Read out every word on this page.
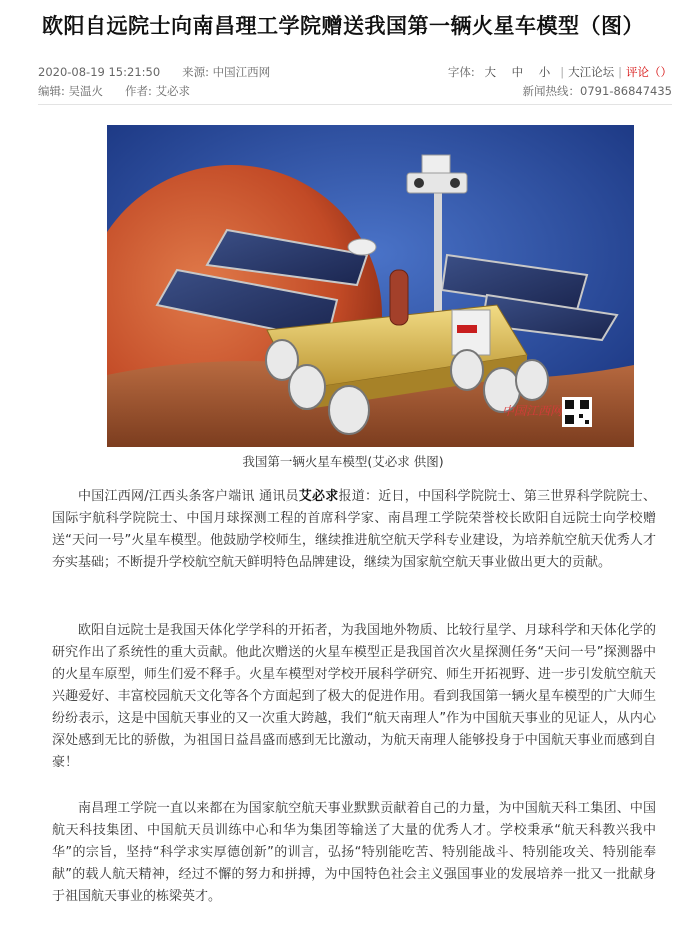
欧阳自远院士向南昌理工学院赠送我国第一辆火星车模型（图）
2020-08-19 15:21:50 来源: 中国江西网	字体: 大 中 小 | 大江论坛 | 评论（）
编辑: 吴温火 作者: 艾必求	新闻热线：0791-86847435
中国江西网
我国第一辆火星车模型(艾必求 供图)

中国江西网/江西头条客户端讯 通讯员艾必求报道：近日，中国科学院院士、第三世界科学院院士、国际宇航科学院院士、中国月球探测工程的首席科学家、南昌理工学院荣誉校长欧阳自远院士向学校赠送“天问一号”火星车模型。他鼓励学校师生，继续推进航空航天学科专业建设，为培养航空航天优秀人才夯实基础；不断提升学校航空航天鲜明特色品牌建设，继续为国家航空航天事业做出更大的贡献。

欧阳自远院士是我国天体化学学科的开拓者，为我国地外物质、比较行星学、月球科学和天体化学的研究作出了系统性的重大贡献。他此次赠送的火星车模型正是我国首次火星探测任务“天问一号”探测器中的火星车原型，师生们爱不释手。火星车模型对学校开展科学研究、师生开拓视野、进一步引发航空航天兴趣爱好、丰富校园航天文化等各个方面起到了极大的促进作用。看到我国第一辆火星车模型的广大师生纷纷表示，这是中国航天事业的又一次重大跨越，我们“航天南理人”作为中国航天事业的见证人，从内心深处感到无比的骄傲，为祖国日益昌盛而感到无比激动，为航天南理人能够投身于中国航天事业而感到自豪！

南昌理工学院一直以来都在为国家航空航天事业默默贡献着自己的力量，为中国航天科工集团、中国航天科技集团、中国航天员训练中心和华为集团等输送了大量的优秀人才。学校秉承“航天科教兴我中华”的宗旨，坚持“科学求实厚德创新”的训言，弘扬“特别能吃苦、特别能战斗、特别能攻关、特别能奉献”的载人航天精神，经过不懈的努力和拼搏，为中国特色社会主义强国事业的发展培养一批又一批献身于祖国航天事业的栋梁英才。
